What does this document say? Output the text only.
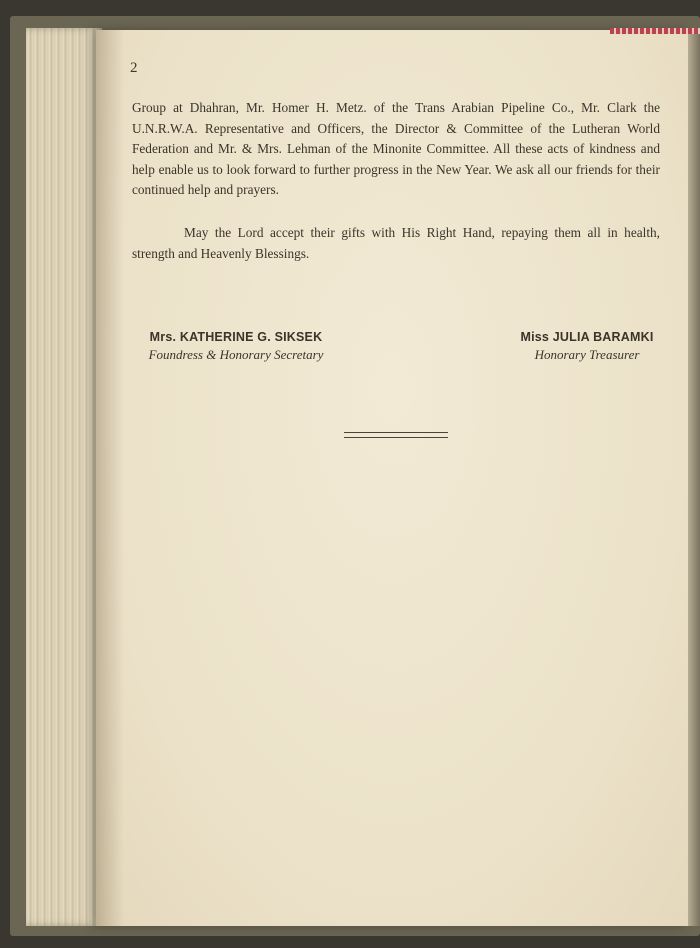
2
Group at Dhahran, Mr. Homer H. Metz. of the Trans Arabian Pipeline Co., Mr. Clark the U.N.R.W.A. Representative and Officers, the Director & Committee of the Lutheran World Federation and Mr. & Mrs. Lehman of the Minonite Committee. All these acts of kindness and help enable us to look forward to further progress in the New Year. We ask all our friends for their continued help and prayers.
May the Lord accept their gifts with His Right Hand, repaying them all in health, strength and Heavenly Blessings.
Mrs. KATHERINE G. SIKSEK
Foundress & Honorary Secretary
Miss JULIA BARAMKI
Honorary Treasurer
